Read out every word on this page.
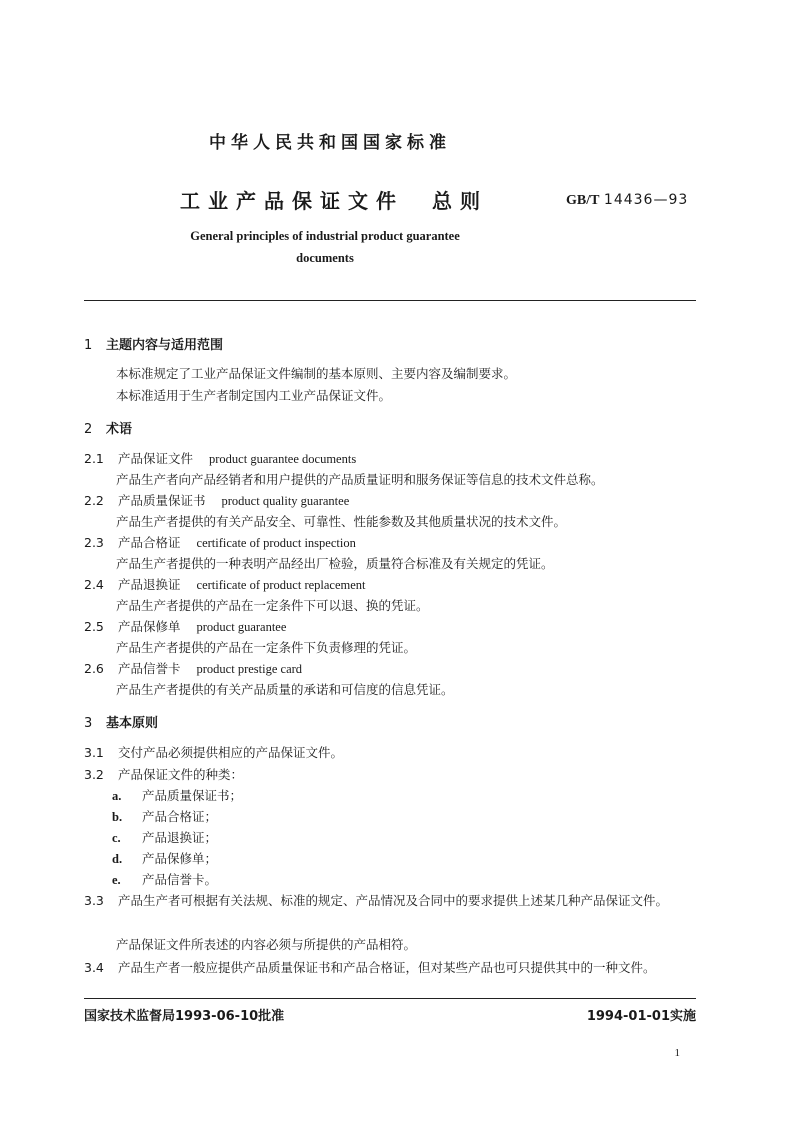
中华人民共和国国家标准
工业产品保证文件　总则	GB/T 14436—93
General principles of industrial product guarantee
documents
1 主题内容与适用范围
本标准规定了工业产品保证文件编制的基本原则、主要内容及编制要求。
本标准适用于生产者制定国内工业产品保证文件。
2 术语
2.1 产品保证文件 product guarantee documents
产品生产者向产品经销者和用户提供的产品质量证明和服务保证等信息的技术文件总称。
2.2 产品质量保证书 product quality guarantee
产品生产者提供的有关产品安全、可靠性、性能参数及其他质量状况的技术文件。
2.3 产品合格证 certificate of product inspection
产品生产者提供的一种表明产品经出厂检验，质量符合标准及有关规定的凭证。
2.4 产品退换证 certificate of product replacement
产品生产者提供的产品在一定条件下可以退、换的凭证。
2.5 产品保修单 product guarantee
产品生产者提供的产品在一定条件下负责修理的凭证。
2.6 产品信誉卡 product prestige card
产品生产者提供的有关产品质量的承诺和可信度的信息凭证。
3 基本原则
3.1 交付产品必须提供相应的产品保证文件。
3.2 产品保证文件的种类：
a. 产品质量保证书；
b. 产品合格证；
c. 产品退换证；
d. 产品保修单；
e. 产品信誉卡。
3.3 产品生产者可根据有关法规、标准的规定、产品情况及合同中的要求提供上述某几种产品保证文件。
产品保证文件所表述的内容必须与所提供的产品相符。
3.4 产品生产者一般应提供产品质量保证书和产品合格证，但对某些产品也可只提供其中的一种文件。
国家技术监督局1993-06-10批准	1994-01-01实施
1
